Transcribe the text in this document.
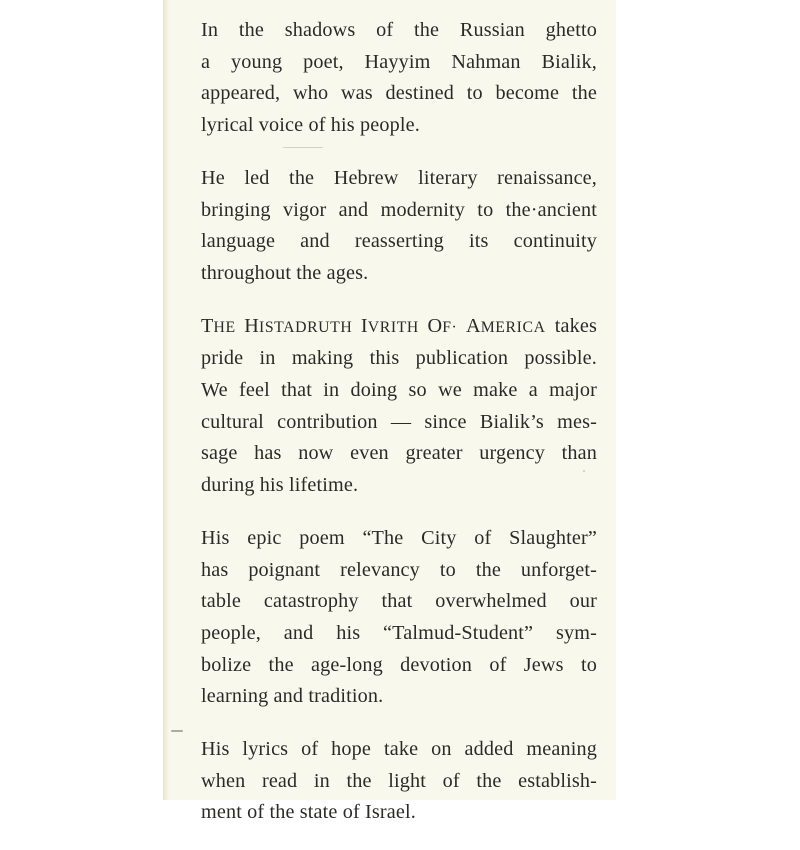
In the shadows of the Russian ghetto
a young poet, Hayyim Nahman Bialik,
appeared, who was destined to become the
lyrical voice of his people.

He led the Hebrew literary renaissance,
bringing vigor and modernity to the·ancient
language and reasserting its continuity
throughout the ages.

THE HISTADRUTH IVRITH OF· AMERICA takes
pride in making this publication possible.
We feel that in doing so we make a major
cultural contribution — since Bialik’s mes-
sage has now even greater urgency than
during his lifetime.

His epic poem “The City of Slaughter”
has poignant relevancy to the unforget-
table catastrophy that overwhelmed our
people, and his “Talmud-Student” sym-
bolize the age-long devotion of Jews to
learning and tradition.

His lyrics of hope take on added meaning
when read in the light of the establish-
ment of the state of Israel.
